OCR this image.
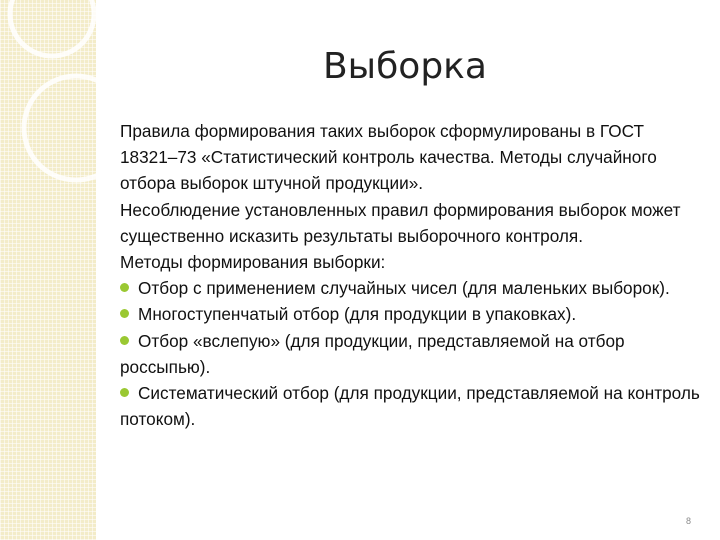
Выборка

Правила формирования таких выборок сформулированы в ГОСТ 18321–73 «Статистический контроль качества. Методы случайного отбора выборок штучной продукции».

Несоблюдение установленных правил формирования выборок может существенно исказить результаты выборочного контроля.

Методы формирования выборки:

Отбор с применением случайных чисел (для маленьких выборок).
Многоступенчатый отбор (для продукции в упаковках).
Отбор «вслепую» (для продукции, представляемой на отбор россыпью).
Систематический отбор (для продукции, представляемой на контроль потоком).
8
